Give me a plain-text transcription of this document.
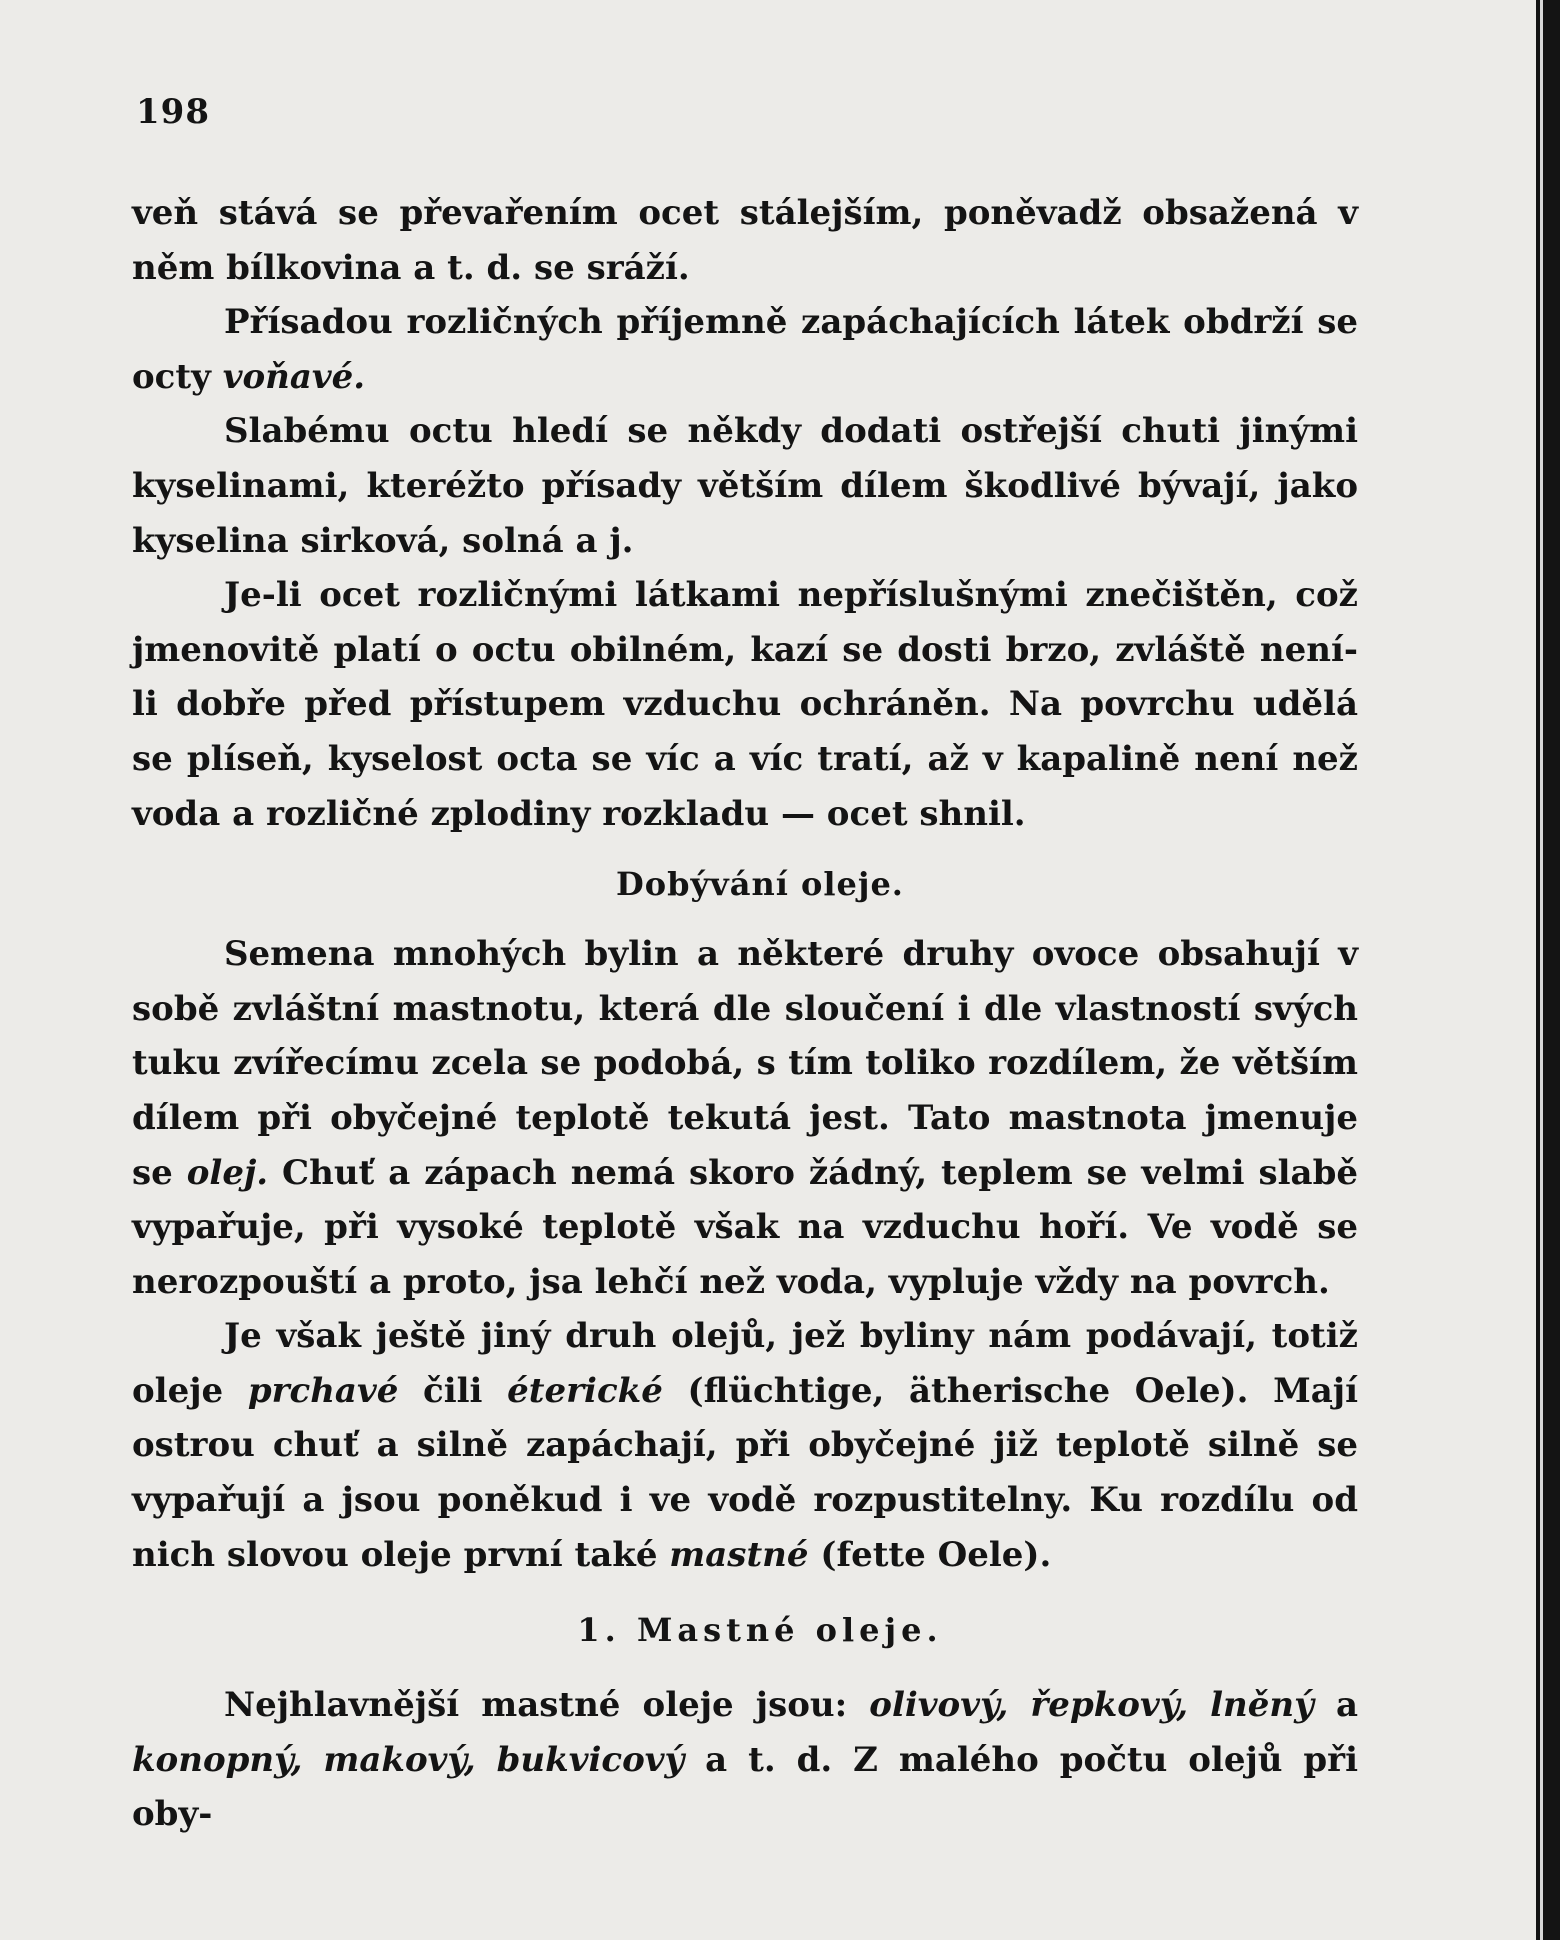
198

veň stává se převařením ocet stálejším, poněvadž obsažená v něm bílkovina a t. d. se sráží.

Přísadou rozličných příjemně zapáchajících látek obdrží se octy voňavé.

Slabému octu hledí se někdy dodati ostřejší chuti jinými kyselinami, kteréžto přísady větším dílem škodlivé bývají, jako kyselina sirková, solná a j.

Je-li ocet rozličnými látkami nepříslušnými znečištěn, což jmenovitě platí o octu obilném, kazí se dosti brzo, zvláště není-li dobře před přístupem vzduchu ochráněn. Na povrchu udělá se plíseň, kyselost octa se víc a víc tratí, až v kapalině není než voda a rozličné zplodiny rozkladu — ocet shnil.

Dobývání oleje.

Semena mnohých bylin a některé druhy ovoce obsahují v sobě zvláštní mastnotu, která dle sloučení i dle vlastností svých tuku zvířecímu zcela se podobá, s tím toliko rozdílem, že větším dílem při obyčejné teplotě tekutá jest. Tato mastnota jmenuje se olej. Chuť a zápach nemá skoro žádný, teplem se velmi slabě vypařuje, při vysoké teplotě však na vzduchu hoří. Ve vodě se nerozpouští a proto, jsa lehčí než voda, vypluje vždy na povrch.

Je však ještě jiný druh olejů, jež byliny nám podávají, totiž oleje prchavé čili éterické (flüchtige, ätherische Oele). Mají ostrou chuť a silně zapáchají, při obyčejné již teplotě silně se vypařují a jsou poněkud i ve vodě rozpustitelny. Ku rozdílu od nich slovou oleje první také mastné (fette Oele).

1. Mastné oleje.

Nejhlavnější mastné oleje jsou: olivový, řepkový, lněný a konopný, makový, bukvicový a t. d. Z malého počtu olejů při oby-
